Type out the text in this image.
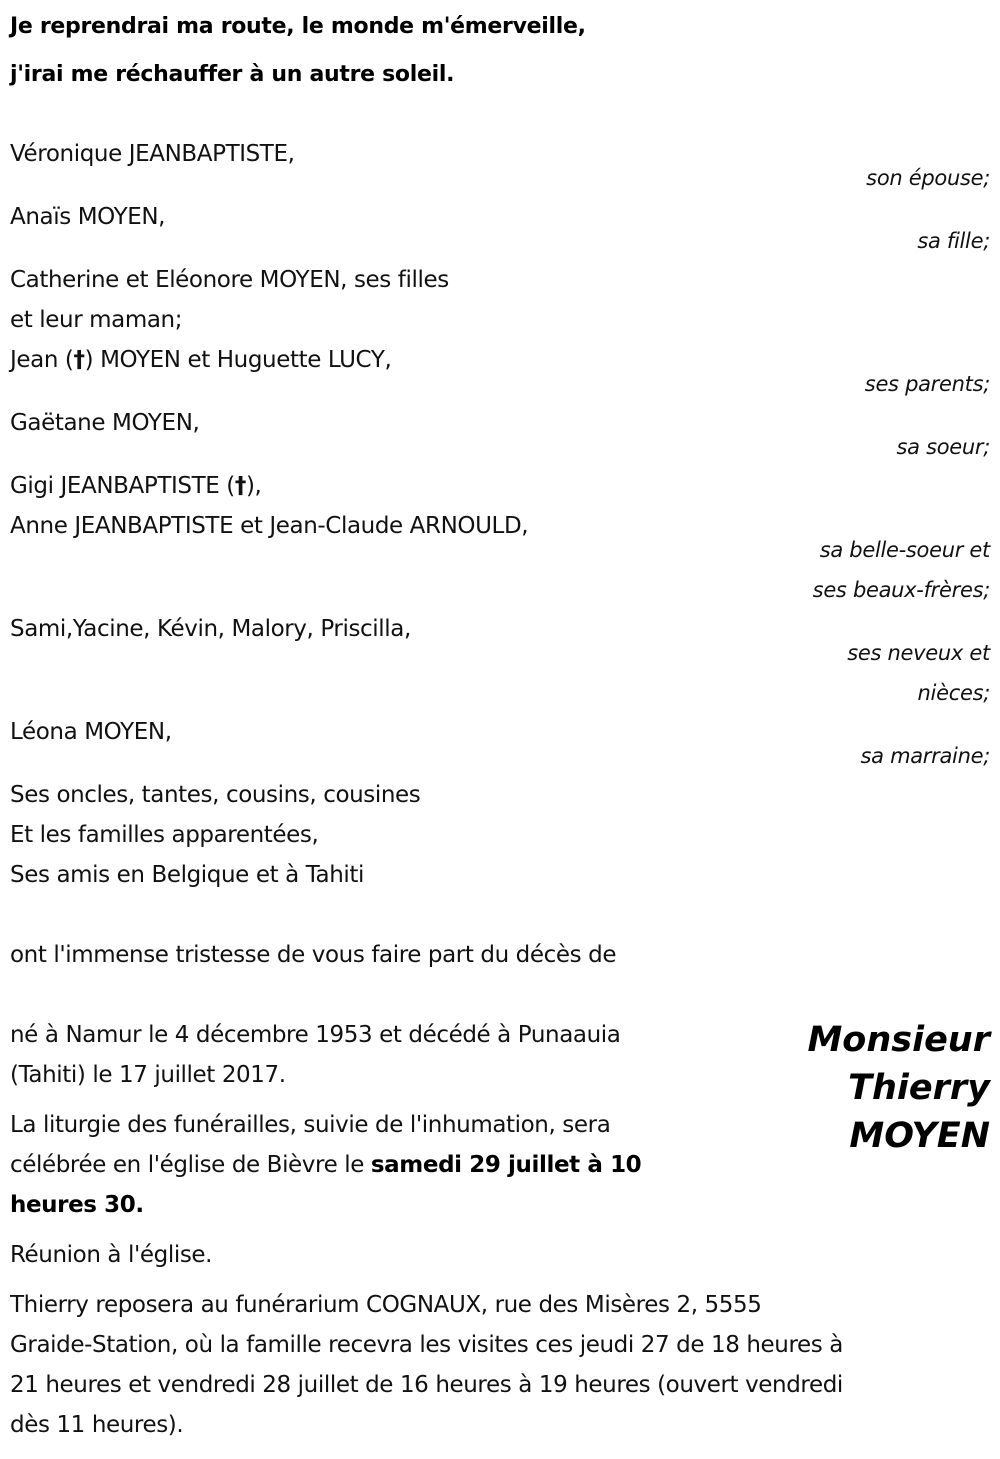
Je reprendrai ma route, le monde m'émerveille,
j'irai me réchauffer à un autre soleil.
Véronique JEANBAPTISTE,
son épouse;
Anaïs MOYEN,
sa fille;
Catherine et Eléonore MOYEN, ses filles
et leur maman;
Jean (†) MOYEN et Huguette LUCY,
ses parents;
Gaëtane MOYEN,
sa soeur;
Gigi JEANBAPTISTE (†),
Anne JEANBAPTISTE et Jean-Claude ARNOULD,
sa belle-soeur et
ses beaux-frères;
Sami,Yacine, Kévin, Malory, Priscilla,
ses neveux et
nièces;
Léona MOYEN,
sa marraine;
Ses oncles, tantes, cousins, cousines
Et les familles apparentées,
Ses amis en Belgique et à Tahiti
ont l'immense tristesse de vous faire part du décès de
Monsieur
Thierry
MOYEN
né à Namur le 4 décembre 1953 et décédé à Punaauia
(Tahiti) le 17 juillet 2017.
La liturgie des funérailles, suivie de l'inhumation, sera
célébrée en l'église de Bièvre le samedi 29 juillet à 10
heures 30.
Réunion à l'église.
Thierry reposera au funérarium COGNAUX, rue des Misères 2, 5555
Graide-Station, où la famille recevra les visites ces jeudi 27 de 18 heures à
21 heures et vendredi 28 juillet de 16 heures à 19 heures (ouvert vendredi
dès 11 heures).
